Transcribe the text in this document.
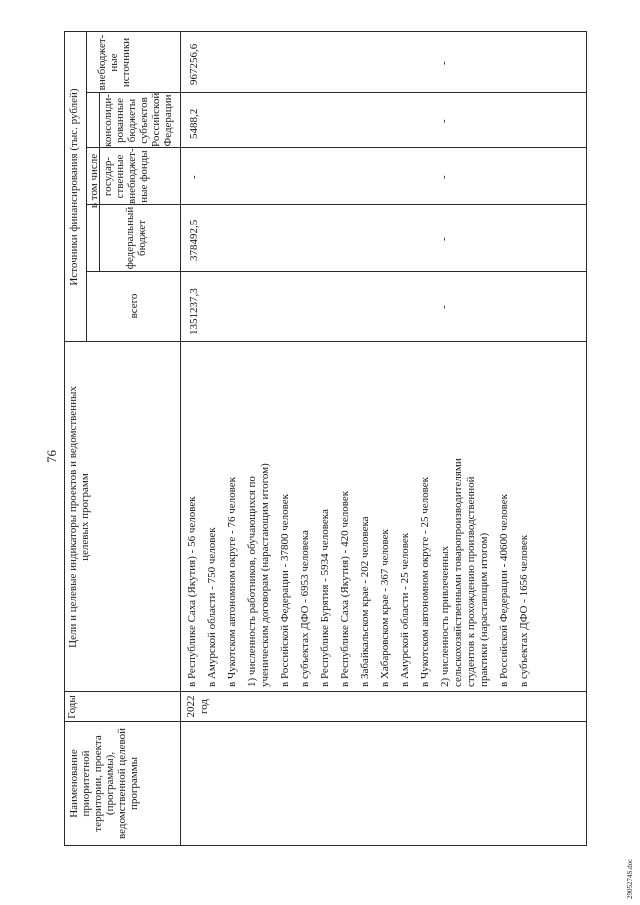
76
2905274S.doc
Наименование приоритетной территории, проекта (программы), ведомственной целевой программы
Годы
Цели и целевые индикаторы проектов и ведомственных целевых программ
всего
Источники финансирования (тыс. рублей) в том числе
федеральный бюджет
государ- ственные внебюджет- ные фонды
консолиди- рованные бюджеты субъектов Российской Федерации
2022 год
в Республике Саха (Якутия) - 56 человек в Амурской области - 750 человек в Чукотском автономном округе - 76 человек 1) численность работников, обучающихся по ученическим договорам (нарастающим итогом) в Российской Федерации - 37800 человек в субъектах ДФО - 6953 человека в Республике Бурятия - 5934 человека в Республике Саха (Якутия) - 420 человек в Забайкальском крае - 202 человека в Хабаровском крае - 367 человек в Амурской области - 25 человек в Чукотском автономном округе - 25 человек 2) численность привлеченных сельскохозяйственными товаропроизводителями студентов к прохождению производственной практики (нарастающим итогом) в Российской Федерации - 40600 человек в субъектах ДФО - 1656 человек
1351237,3
378492,5
-
5488,2
-
-
-
-
внебюджет- ные источники	967256,6	-
